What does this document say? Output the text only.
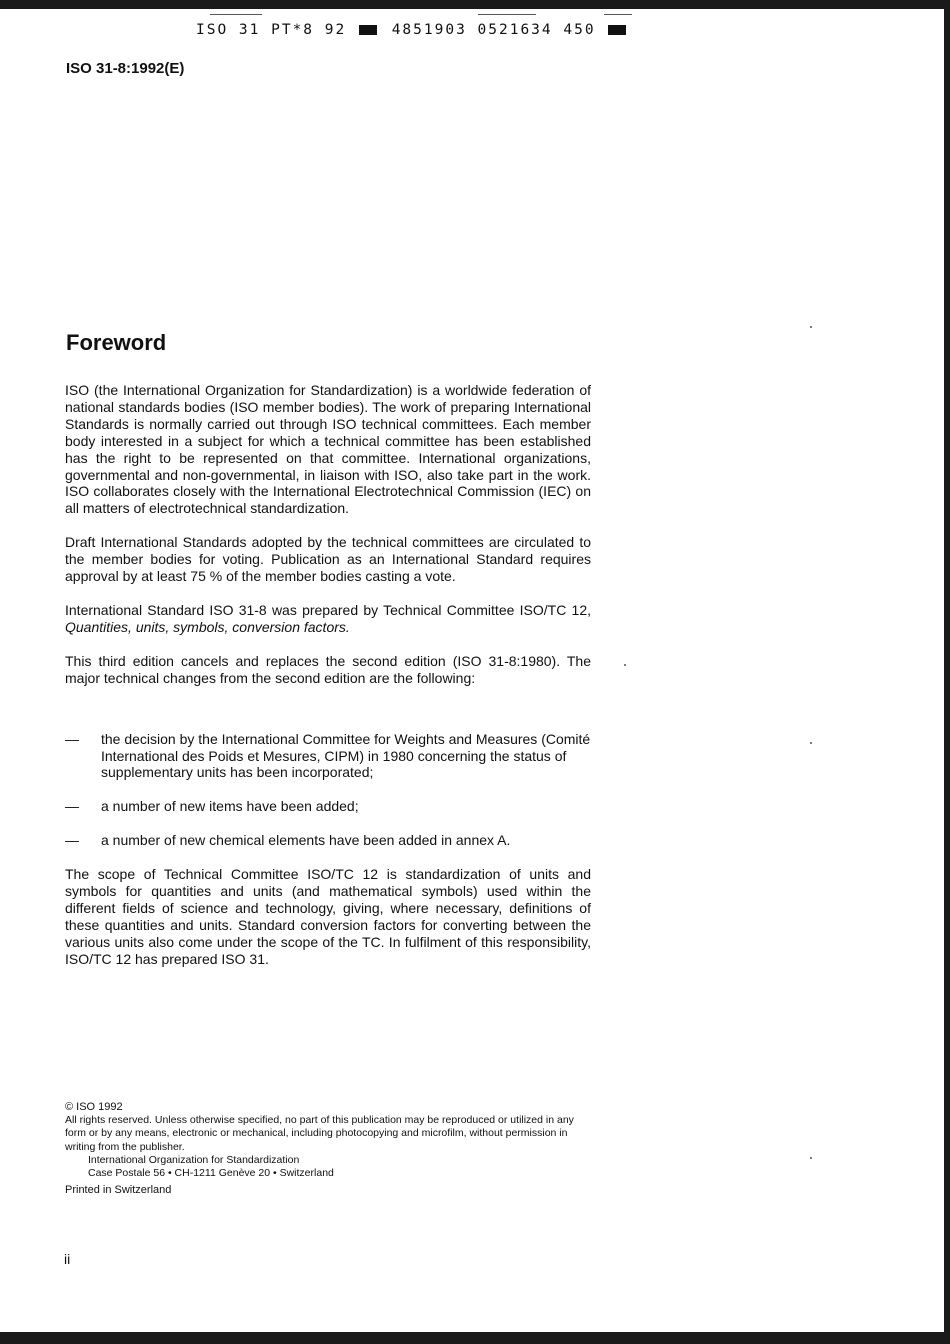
ISO 31 PT*8 92	4851903 0521634 450
ISO 31-8:1992(E)
Foreword

ISO (the International Organization for Standardization) is a worldwide federation of national standards bodies (ISO member bodies). The work of preparing International Standards is normally carried out through ISO technical committees. Each member body interested in a subject for which a technical committee has been established has the right to be represented on that committee. International organizations, governmental and non-governmental, in liaison with ISO, also take part in the work. ISO collaborates closely with the International Electrotechnical Commission (IEC) on all matters of electrotechnical standardization.

Draft International Standards adopted by the technical committees are circulated to the member bodies for voting. Publication as an International Standard requires approval by at least 75 % of the member bodies casting a vote.

International Standard ISO 31-8 was prepared by Technical Committee ISO/TC 12, Quantities, units, symbols, conversion factors.

This third edition cancels and replaces the second edition (ISO 31-8:1980). The major technical changes from the second edition are the following:

—	the decision by the International Committee for Weights and Measures (Comité International des Poids et Mesures, CIPM) in 1980 concerning the status of supplementary units has been incorporated;
—	a number of new items have been added;
—	a number of new chemical elements have been added in annex A.

The scope of Technical Committee ISO/TC 12 is standardization of units and symbols for quantities and units (and mathematical symbols) used within the different fields of science and technology, giving, where necessary, definitions of these quantities and units. Standard conversion factors for converting between the various units also come under the scope of the TC. In fulfilment of this responsibility, ISO/TC 12 has prepared ISO 31.

© ISO 1992
All rights reserved. Unless otherwise specified, no part of this publication may be reproduced or utilized in any form or by any means, electronic or mechanical, including photocopying and microfilm, without permission in writing from the publisher.
International Organization for Standardization
Case Postale 56 • CH-1211 Genève 20 • Switzerland
Printed in Switzerland
ii
